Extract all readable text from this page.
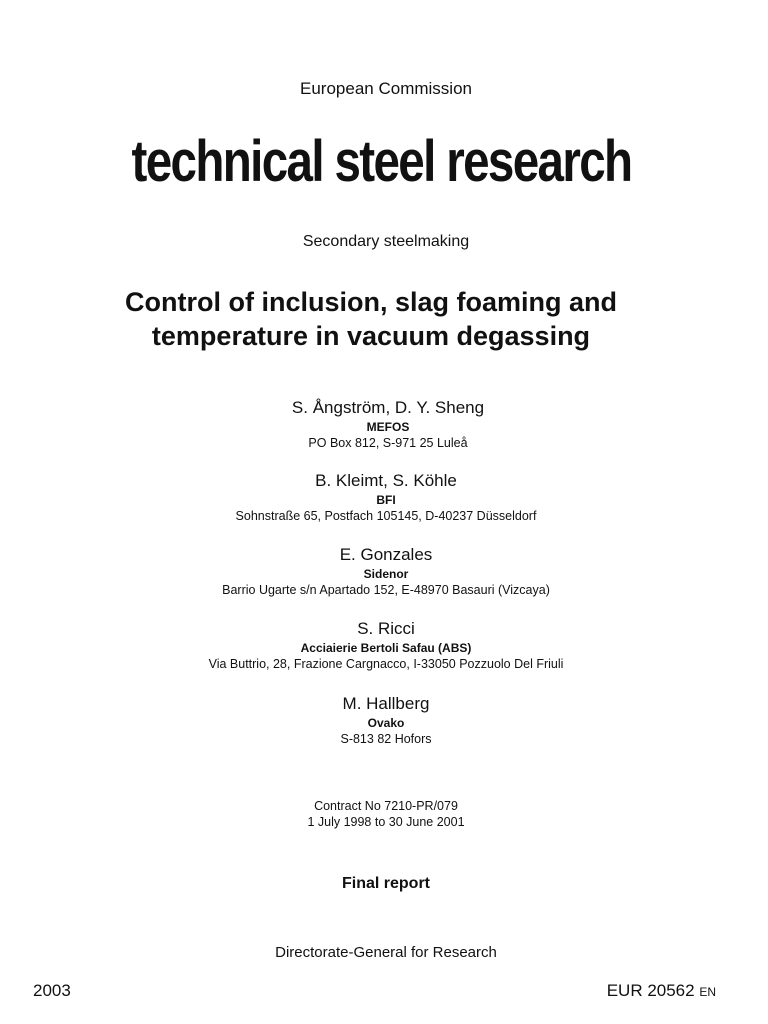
European Commission
technical steel research
Secondary steelmaking
Control of inclusion, slag foaming and
temperature in vacuum degassing
S. Ångström, D. Y. Sheng
MEFOS
PO Box 812, S-971 25 Luleå
B. Kleimt, S. Köhle
BFI
Sohnstraße 65, Postfach 105145, D-40237 Düsseldorf
E. Gonzales
Sidenor
Barrio Ugarte s/n Apartado 152, E-48970 Basauri (Vizcaya)
S. Ricci
Acciaierie Bertoli Safau (ABS)
Via Buttrio, 28, Frazione Cargnacco, I-33050 Pozzuolo Del Friuli
M. Hallberg
Ovako
S-813 82 Hofors
Contract No 7210-PR/079
1 July 1998 to 30 June 2001
Final report
Directorate-General for Research
2003	EUR 20562 EN
